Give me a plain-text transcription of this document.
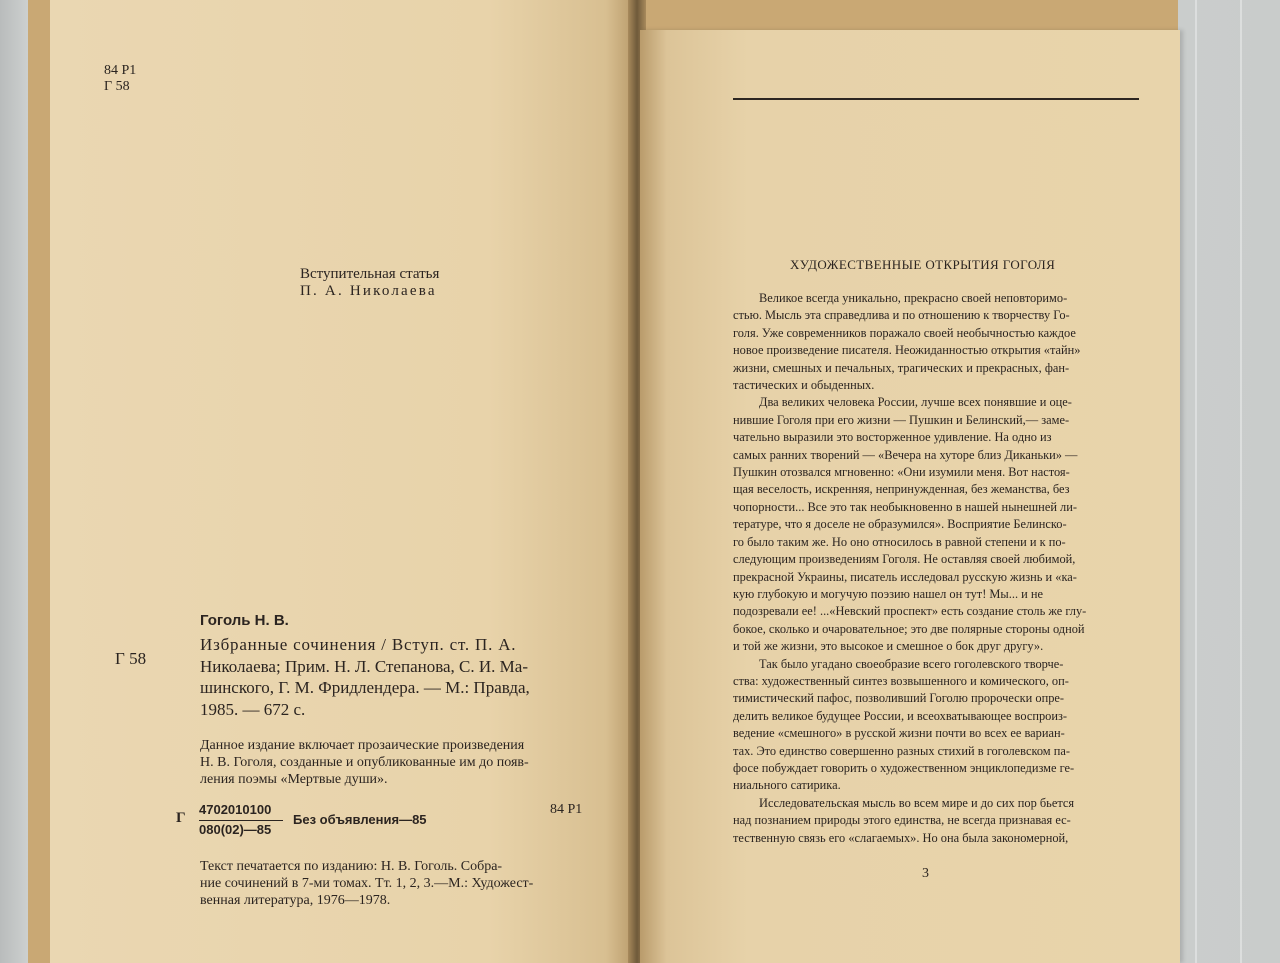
84 Р1

Г 58

Вступительная статья

П. А. Николаева

Гоголь Н. В.

Г 58

Избранные сочинения / Вступ. ст. П. А.
Николаева; Прим. Н. Л. Степанова, С. И. Ма-
шинского, Г. М. Фридлендера. — М.: Правда,
1985. — 672 с.
Данное издание включает прозаические произведения
Н. В. Гоголя, созданные и опубликованные им до появ-
ления поэмы «Мертвые души».

Г

4702010100

080(02)—85

Без объявления—85

84 Р1

Текст печатается по изданию: Н. В. Гоголь. Собра-
ние сочинений в 7-ми томах. Тт. 1, 2, 3.—М.: Художест-
венная литература, 1976—1978.

ХУДОЖЕСТВЕННЫЕ ОТКРЫТИЯ ГОГОЛЯ

Великое всегда уникально, прекрасно своей неповторимо-

стью. Мысль эта справедлива и по отношению к творчеству Го-

голя. Уже современников поражало своей необычностью каждое

новое произведение писателя. Неожиданностью открытия «тайн»

жизни, смешных и печальных, трагических и прекрасных, фан-

тастических и обыденных.

Два великих человека России, лучше всех понявшие и оце-

нившие Гоголя при его жизни — Пушкин и Белинский,— заме-

чательно выразили это восторженное удивление. На одно из

самых ранних творений — «Вечера на хуторе близ Диканьки» —

Пушкин отозвался мгновенно: «Они изумили меня. Вот настоя-

щая веселость, искренняя, непринужденная, без жеманства, без

чопорности... Все это так необыкновенно в нашей нынешней ли-

тературе, что я доселе не образумился». Восприятие Белинско-

го было таким же. Но оно относилось в равной степени и к по-

следующим произведениям Гоголя. Не оставляя своей любимой,

прекрасной Украины, писатель исследовал русскую жизнь и «ка-

кую глубокую и могучую поэзию нашел он тут! Мы... и не

подозревали ее! ...«Невский проспект» есть создание столь же глу-

бокое, сколько и очаровательное; это две полярные стороны одной

и той же жизни, это высокое и смешное о бок друг другу».

Так было угадано своеобразие всего гоголевского творче-

ства: художественный синтез возвышенного и комического, оп-

тимистический пафос, позволивший Гоголю пророчески опре-

делить великое будущее России, и всеохватывающее воспроиз-

ведение «смешного» в русской жизни почти во всех ее вариан-

тах. Это единство совершенно разных стихий в гоголевском па-

фосе побуждает говорить о художественном энциклопедизме ге-

ниального сатирика.

Исследовательская мысль во всем мире и до сих пор бьется

над познанием природы этого единства, не всегда признавая ес-

тественную связь его «слагаемых». Но она была закономерной,

3
